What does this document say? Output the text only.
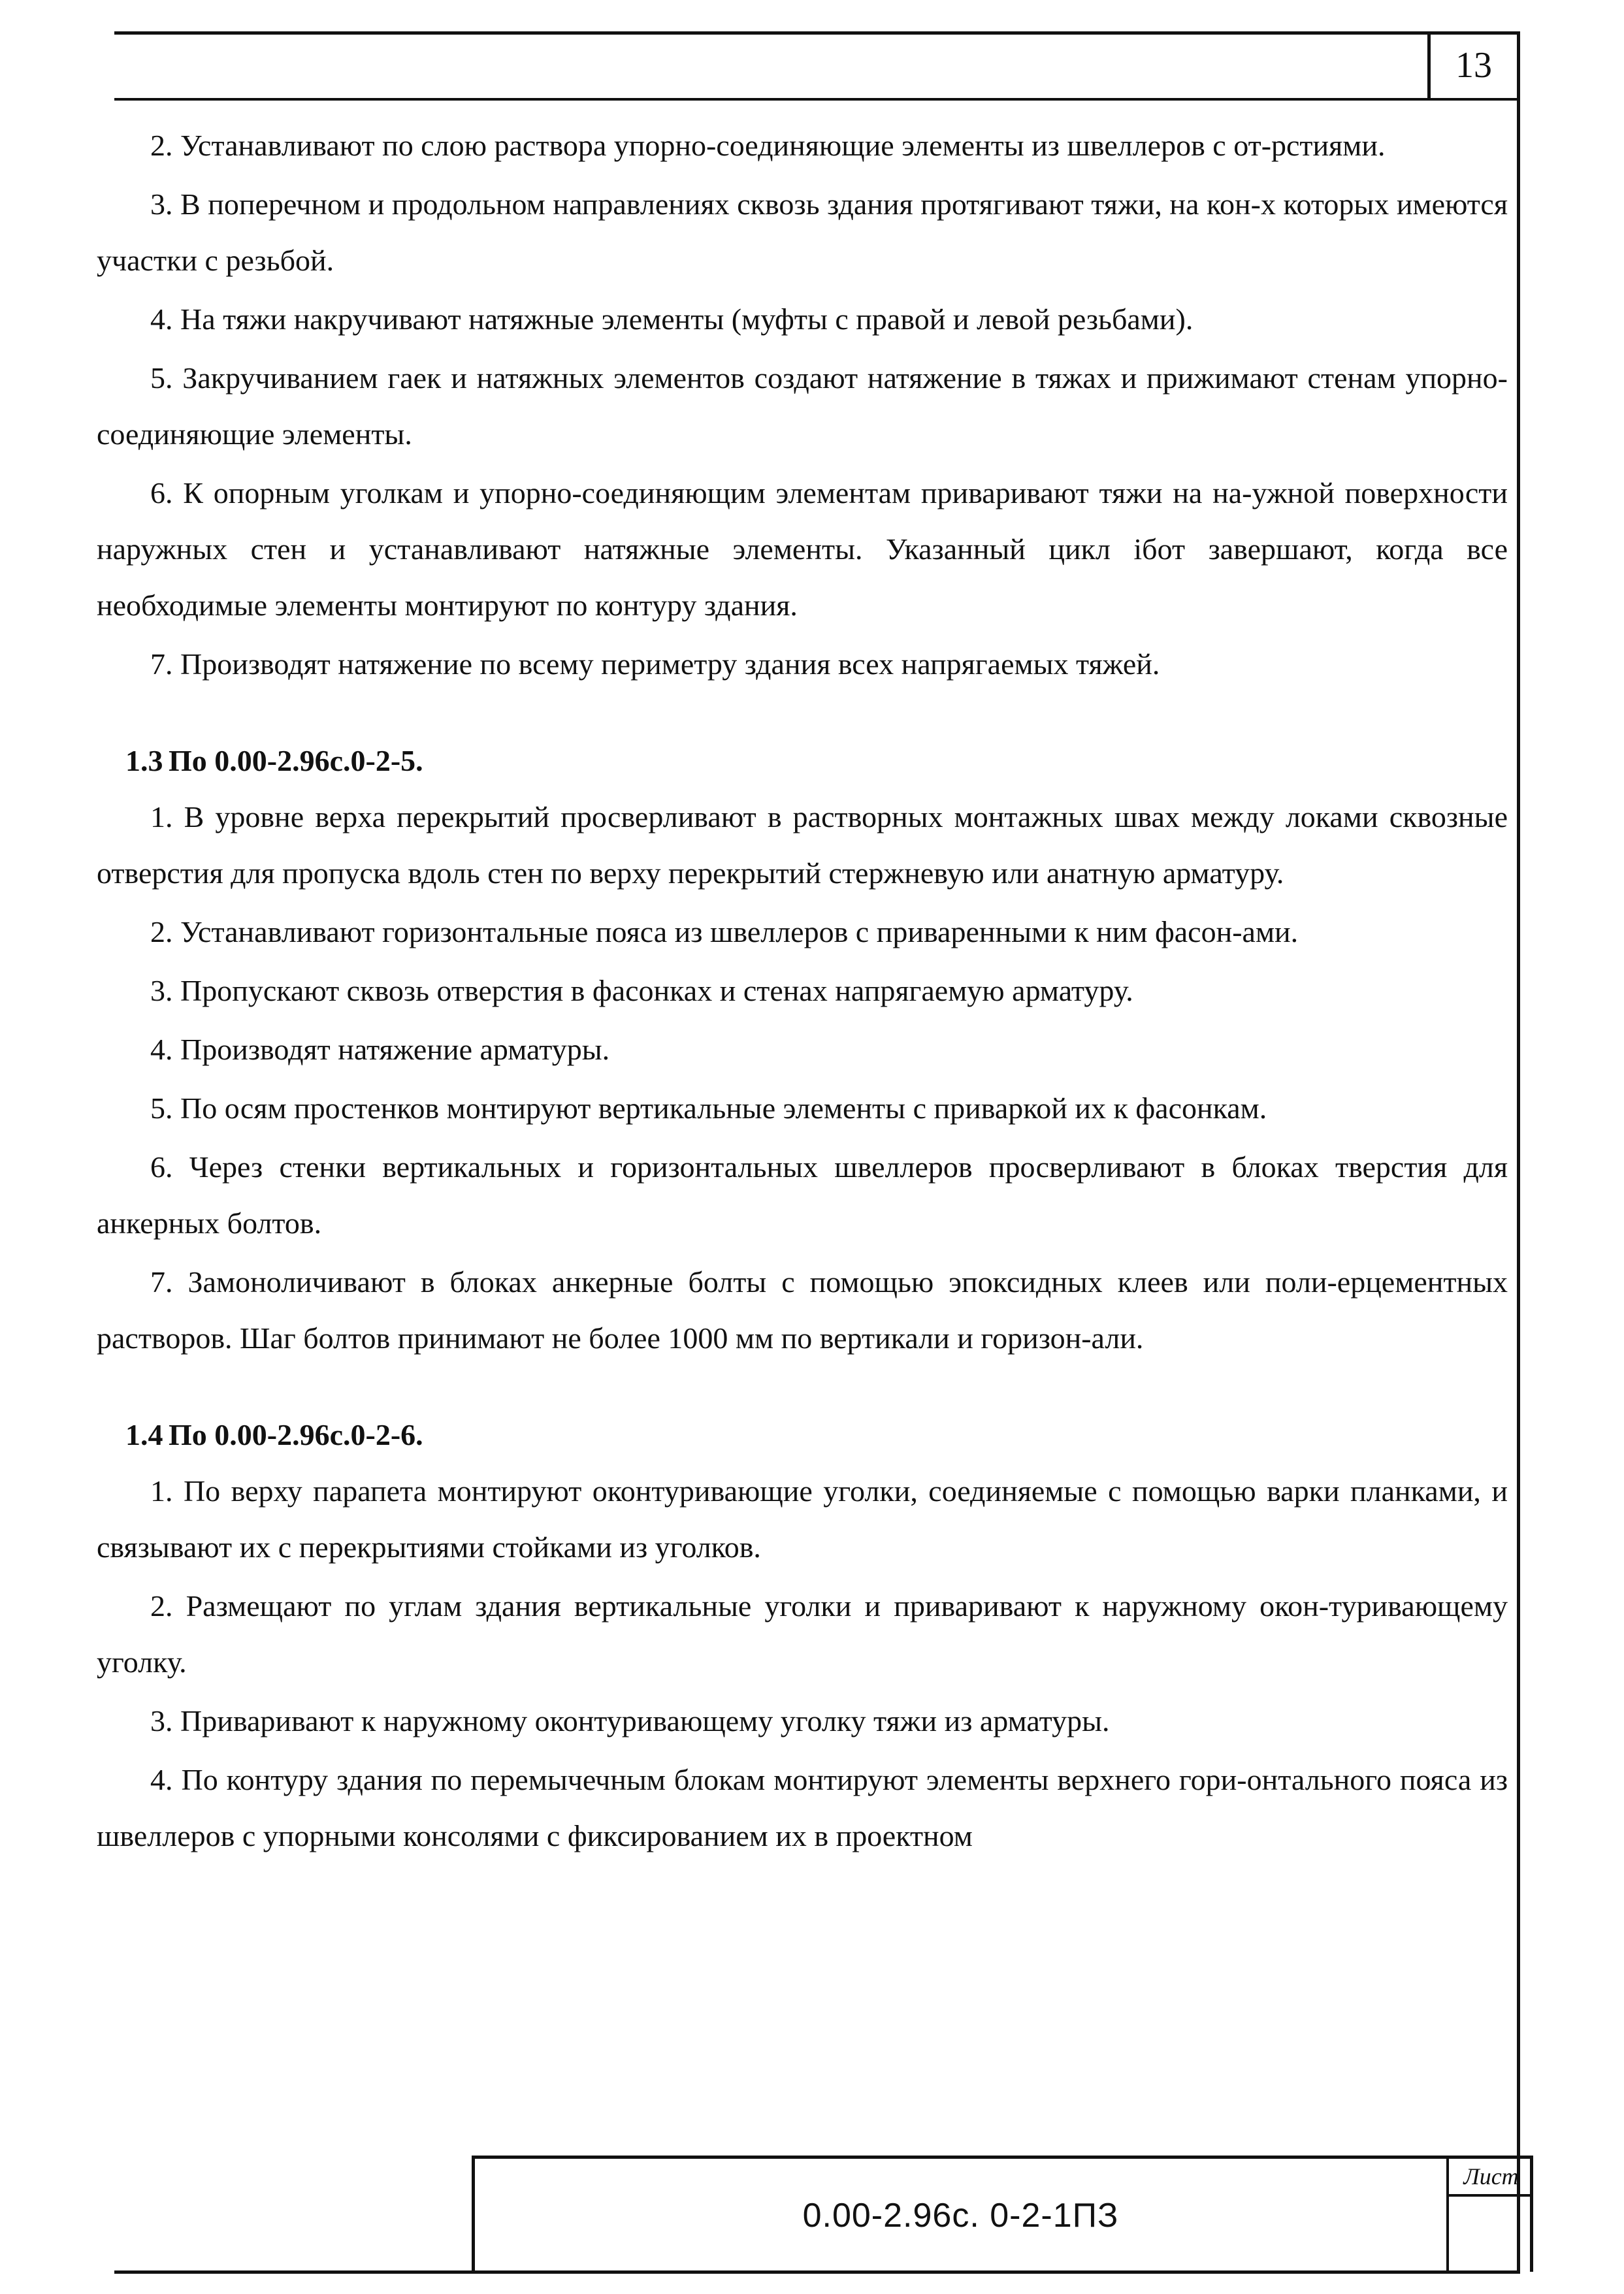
13

2. Устанавливают по слою раствора упорно-соединяющие элементы из швеллеров с от-рстиями.

3. В поперечном и продольном направлениях сквозь здания протягивают тяжи, на кон-х которых имеются участки с резьбой.

4. На тяжи накручивают натяжные элементы (муфты с правой и левой резьбами).

5. Закручиванием гаек и натяжных элементов создают натяжение в тяжах и прижимают стенам упорно-соединяющие элементы.

6. К опорным уголкам и упорно-соединяющим элементам приваривают тяжи на на-ужной поверхности наружных стен и устанавливают натяжные элементы. Указанный цикл ібот завершают, когда все необходимые элементы монтируют по контуру здания.

7. Производят натяжение по всему периметру здания всех напрягаемых тяжей.

1.3 По 0.00-2.96с.0-2-5.

1. В уровне верха перекрытий просверливают в растворных монтажных швах между локами сквозные отверстия для пропуска вдоль стен по верху перекрытий стержневую или анатную арматуру.

2. Устанавливают горизонтальные пояса из швеллеров с приваренными к ним фасон-ами.

3. Пропускают сквозь отверстия в фасонках и стенах напрягаемую арматуру.

4. Производят натяжение арматуры.

5. По осям простенков монтируют вертикальные элементы с приваркой их к фасонкам.

6. Через стенки вертикальных и горизонтальных швеллеров просверливают в блоках тверстия для анкерных болтов.

7. Замоноличивают в блоках анкерные болты с помощью эпоксидных клеев или поли-ерцементных растворов. Шаг болтов принимают не более 1000 мм по вертикали и горизон-али.

1.4 По 0.00-2.96с.0-2-6.

1. По верху парапета монтируют оконтуривающие уголки, соединяемые с помощью варки планками, и связывают их с перекрытиями стойками из уголков.

2. Размещают по углам здания вертикальные уголки и приваривают к наружному окон-туривающему уголку.

3. Приваривают к наружному оконтуривающему уголку тяжи из арматуры.

4. По контуру здания по перемычечным блокам монтируют элементы верхнего гори-онтального пояса из швеллеров с упорными консолями с фиксированием их в проектном

0.00-2.96с. 0-2-1ПЗ
Лист
